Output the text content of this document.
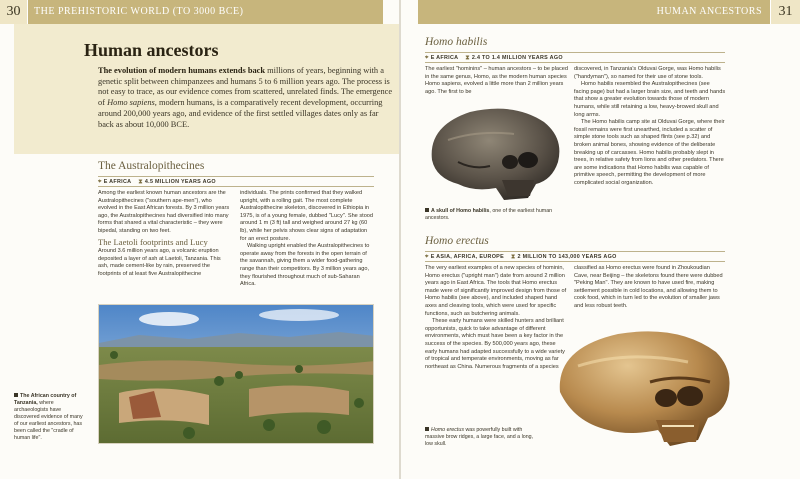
THE PREHISTORIC WORLD (TO 3000 BCE)
30	HUMAN ANCESTORS	31
Human ancestors
The evolution of modern humans extends back millions of years, beginning with a genetic split between chimpanzees and humans 5 to 6 million years ago. The process is not easy to trace, as our evidence comes from scattered, unrelated finds. The emergence of Homo sapiens, modern humans, is a comparatively recent development, occurring around 200,000 years ago, and evidence of the first settled villages dates only as far back as about 10,000 BCE.
The Australopithecines
⌖ E AFRICA ⧗ 4.5 MILLION YEARS AGO

Among the earliest known human ancestors are the Australopithecines ("southern ape-men"), who evolved in the East African forests. By 3 million years ago, the Australopithecines had diversified into many forms that shared a vital characteristic – they were bipedal, standing on two feet.

The Laetoli footprints and Lucy

Around 3.6 million years ago, a volcanic eruption deposited a layer of ash at Laetoli, Tanzania. This ash, made cement-like by rain, preserved the footprints of at least five Australopithecine

individuals. The prints confirmed that they walked upright, with a rolling gait. The most complete Australopithecine skeleton, discovered in Ethiopia in 1975, is of a young female, dubbed "Lucy". She stood around 1 m (3 ft) tall and weighed around 27 kg (60 lb), while her pelvis shows clear signs of adaptation for an erect posture.

Walking upright enabled the Australopithecines to operate away from the forests in the open terrain of the savannah, giving them a wider food-gathering range than their competitors. By 3 million years ago, they flourished throughout much of sub-Saharan Africa.

The African country of Tanzania, where archaeologists have discovered evidence of many of our earliest ancestors, has been called the "cradle of human life".
Homo habilis
⌖ E AFRICA ⧗ 2.4 TO 1.4 MILLION YEARS AGO

The earliest "hominins" – human ancestors – to be placed in the same genus, Homo, as the modern human species Homo sapiens, evolved a little more than 2 million years ago. The first to be

discovered, in Tanzania's Olduvai Gorge, was Homo habilis ("handyman"), so named for their use of stone tools.

Homo habilis resembled the Australopithecines (see facing page) but had a larger brain size, and teeth and hands that show a greater evolution towards those of modern humans, while still retaining a low, heavy-browed skull and long arms.

The Homo habilis camp site at Olduvai Gorge, where their fossil remains were first unearthed, included a scatter of simple stone tools such as shaped flints (see p.32) and broken animal bones, showing evidence of the deliberate breaking up of carcasses. Homo habilis probably slept in trees, in relative safety from lions and other predators. There are some indications that Homo habilis was capable of primitive speech, permitting the development of more complicated social organization.

A skull of Homo habilis, one of the earliest human ancestors.
Homo erectus
⌖ E ASIA, AFRICA, EUROPE ⧗ 2 MILLION TO 143,000 YEARS AGO

The very earliest examples of a new species of hominin, Homo erectus ("upright man") date from around 2 million years ago in East Africa. The tools that Homo erectus made were of significantly improved design from those of Homo habilis (see above), and included shaped hand axes and cleaving tools, which were used for specific functions, such as butchering animals.

These early humans were skilled hunters and brilliant opportunists, quick to take advantage of different environments, which must have been a key factor in the success of the species. By 500,000 years ago, these early humans had adapted successfully to a wide variety of tropical and temperate environments, moving as far northeast as China. Numerous fragments of a species

classified as Homo erectus were found in Zhoukoudian Cave, near Beijing – the skeletons found there were dubbed "Peking Man". They are known to have used fire, making settlement possible in cold locations, and allowing them to cook food, which in turn led to the evolution of smaller jaws and less robust teeth.

Homo erectus was powerfully built with massive brow ridges, a large face, and a long, low skull.
